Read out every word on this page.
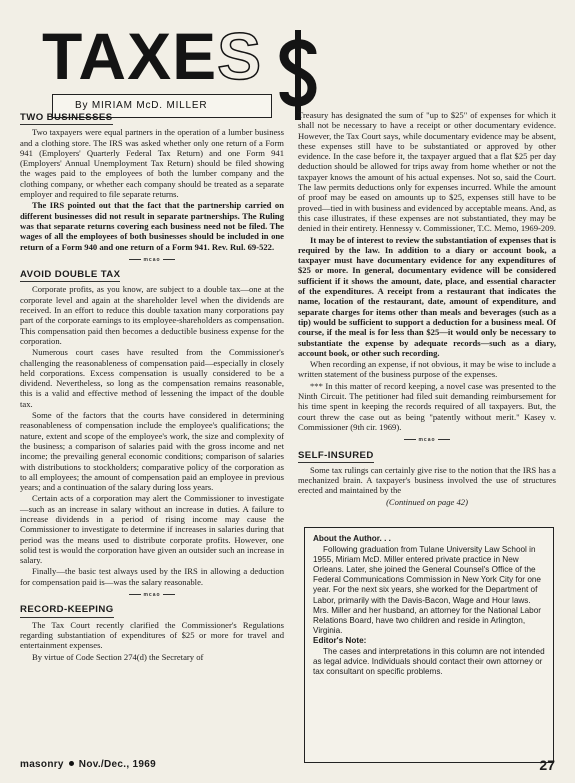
TAXES
By MIRIAM McD. MILLER
TWO BUSINESSES

Two taxpayers were equal partners in the operation of a lumber business and a clothing store. The IRS was asked whether only one return of a Form 941 (Employers' Quarterly Federal Tax Return) and one Form 941 (Employers' Annual Unemployment Tax Return) should be filed showing the wages paid to the employees of both the lumber company and the clothing company, or whether each company should be treated as a separate employer and required to file separate returns.

The IRS pointed out that the fact that the partnership carried on different businesses did not result in separate partnerships. The Ruling was that separate returns covering each business need not be filed. The wages of all the employees of both businesses should be included in one return of a Form 940 and one return of a Form 941. Rev. Rul. 69-522.

mcao
AVOID DOUBLE TAX

Corporate profits, as you know, are subject to a double tax—one at the corporate level and again at the shareholder level when the dividends are received. In an effort to reduce this double taxation many corporations pay part of the corporate earnings to its employee-shareholders as compensation. This compensation paid then becomes a deductible business expense for the corporation.

Numerous court cases have resulted from the Commissioner's challenging the reasonableness of compensation paid—especially in closely held corporations. Excess compensation is usually considered to be a dividend. Nevertheless, so long as the compensation remains reasonable, this is a valid and effective method of lessening the impact of the double tax.

Some of the factors that the courts have considered in determining reasonableness of compensation include the employee's qualifications; the nature, extent and scope of the employee's work, the size and complexity of the business; a comparison of salaries paid with the gross income and net income; the prevailing general economic conditions; comparison of salaries with distributions to stockholders; comparative policy of the corporation as to all employees; the amount of compensation paid an employee in previous years; and a continuation of the salary during loss years.

Certain acts of a corporation may alert the Commissioner to investigate—such as an increase in salary without an increase in duties. A failure to increase dividends in a period of rising income may cause the Commissioner to investigate to determine if increases in salaries during that period was the means used to distribute corporate profits. However, one solid test is would the corporation have given an outsider such an increase in salary.

Finally—the basic test always used by the IRS in allowing a deduction for compensation paid is—was the salary reasonable.

mcao
RECORD-KEEPING

The Tax Court recently clarified the Commissioner's Regulations regarding substantiation of expenditures of $25 or more for travel and entertainment expenses.

By virtue of Code Section 274(d) the Secretary of

Treasury has designated the sum of "up to $25" of expenses for which it shall not be necessary to have a receipt or other documentary evidence. However, the Tax Court says, while documentary evidence may be absent, these expenses still have to be substantiated or approved by other evidence. In the case before it, the taxpayer argued that a flat $25 per day deduction should be allowed for trips away from home whether or not the taxpayer knows the amount of his actual expenses. Not so, said the Court. The law permits deductions only for expenses incurred. While the amount of proof may be eased on amounts up to $25, expenses still have to be proved—tied in with business and evidenced by acceptable means. And, as this case illustrates, if these expenses are not substantiated, they may be denied in their entirety. Hennessy v. Commissioner, T.C. Memo, 1969-209.

It may be of interest to review the substantiation of expenses that is required by the law. In addition to a diary or account book, a taxpayer must have documentary evidence for any expenditures of $25 or more. In general, documentary evidence will be considered sufficient if it shows the amount, date, place, and essential character of the expenditures. A receipt from a restaurant that indicates the name, location of the restaurant, date, amount of expenditure, and separate charges for items other than meals and beverages (such as a tip) would be sufficient to support a deduction for a business meal. Of course, if the meal is for less than $25—it would only be necessary to substantiate the expense by adequate records—such as a diary, account book, or other such recording.

When recording an expense, if not obvious, it may be wise to include a written statement of the business purpose of the expenses.

*** In this matter of record keeping, a novel case was presented to the Ninth Circuit. The petitioner had filed suit demanding reimbursement for his time spent in keeping the records required of all taxpayers. But, the court threw the case out as being "patently without merit." Kasey v. Commissioner (9th cir. 1969).

mcao
SELF-INSURED

Some tax rulings can certainly give rise to the notion that the IRS has a mechanized brain. A taxpayer's business involved the use of structures erected and maintained by the

(Continued on page 42)

About the Author. . .

Following graduation from Tulane University Law School in 1955, Miriam McD. Miller entered private practice in New Orleans. Later, she joined the General Counsel's Office of the Federal Communications Commission in New York City for one year. For the next six years, she worked for the Department of Labor, primarily with the Davis-Bacon, Wage and Hour laws. Mrs. Miller and her husband, an attorney for the National Labor Relations Board, have two children and reside in Arlington, Virginia.

Editor's Note:

The cases and interpretations in this column are not intended as legal advice. Individuals should contact their own attorney or tax consultant on specific problems.

masonry Nov./Dec., 1969	27
